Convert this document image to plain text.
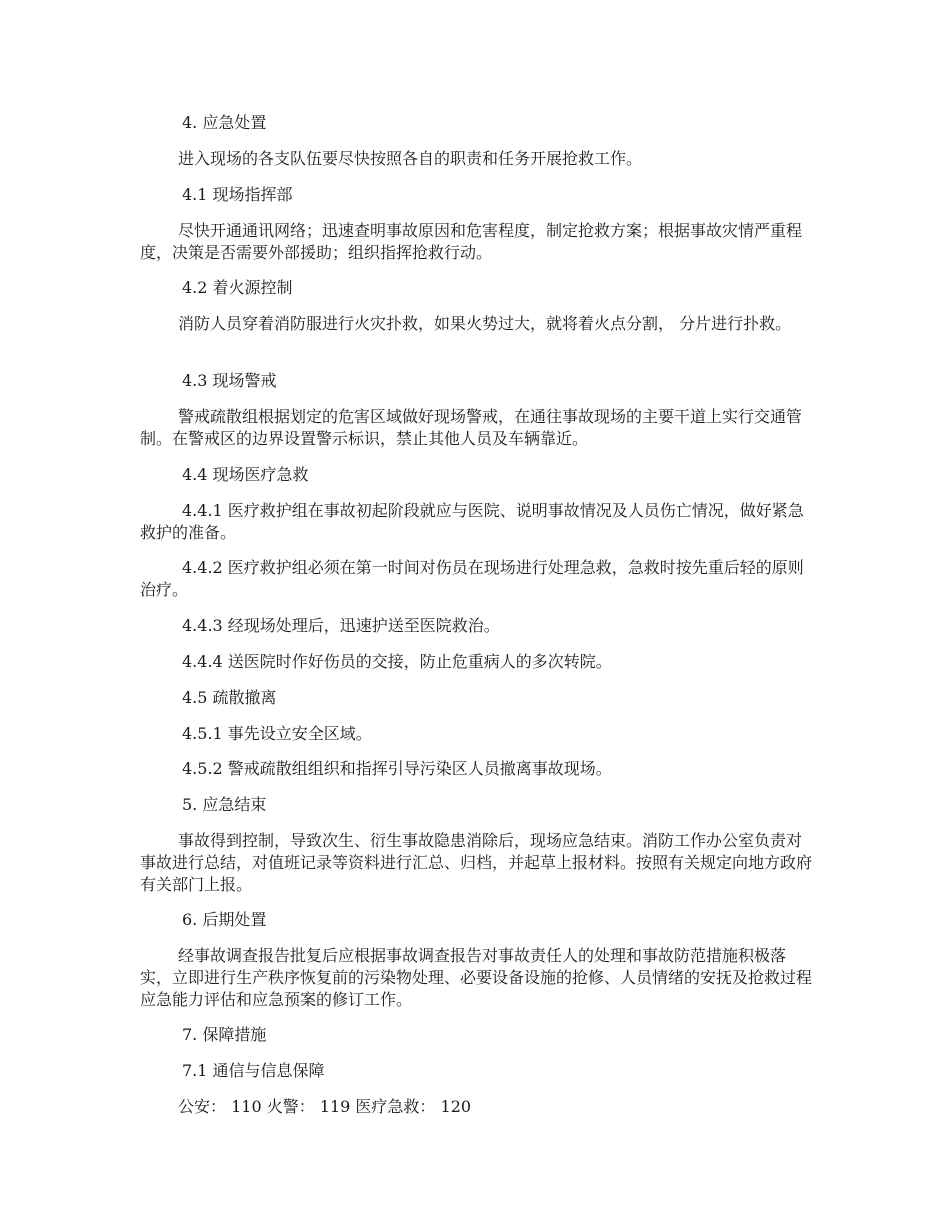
4. 应急处置

进入现场的各支队伍要尽快按照各自的职责和任务开展抢救工作。

4.1 现场指挥部

尽快开通通讯网络；迅速查明事故原因和危害程度，制定抢救方案；根据事故灾情严重程度，决策是否需要外部援助；组织指挥抢救行动。

4.2 着火源控制

消防人员穿着消防服进行火灾扑救，如果火势过大，就将着火点分割， 分片进行扑救。

4.3 现场警戒

警戒疏散组根据划定的危害区域做好现场警戒，在通往事故现场的主要干道上实行交通管制。在警戒区的边界设置警示标识，禁止其他人员及车辆靠近。

4.4 现场医疗急救

4.4.1 医疗救护组在事故初起阶段就应与医院、说明事故情况及人员伤亡情况，做好紧急救护的准备。

4.4.2 医疗救护组必须在第一时间对伤员在现场进行处理急救，急救时按先重后轻的原则治疗。

4.4.3 经现场处理后，迅速护送至医院救治。

4.4.4 送医院时作好伤员的交接，防止危重病人的多次转院。

4.5 疏散撤离

4.5.1 事先设立安全区域。

4.5.2 警戒疏散组组织和指挥引导污染区人员撤离事故现场。

5. 应急结束

事故得到控制，导致次生、衍生事故隐患消除后，现场应急结束。消防工作办公室负责对事故进行总结，对值班记录等资料进行汇总、归档，并起草上报材料。按照有关规定向地方政府有关部门上报。

6. 后期处置

经事故调查报告批复后应根据事故调查报告对事故责任人的处理和事故防范措施积极落实，立即进行生产秩序恢复前的污染物处理、必要设备设施的抢修、人员情绪的安抚及抢救过程应急能力评估和应急预案的修订工作。

7. 保障措施

7.1 通信与信息保障

公安： 110 火警： 119 医疗急救： 120
